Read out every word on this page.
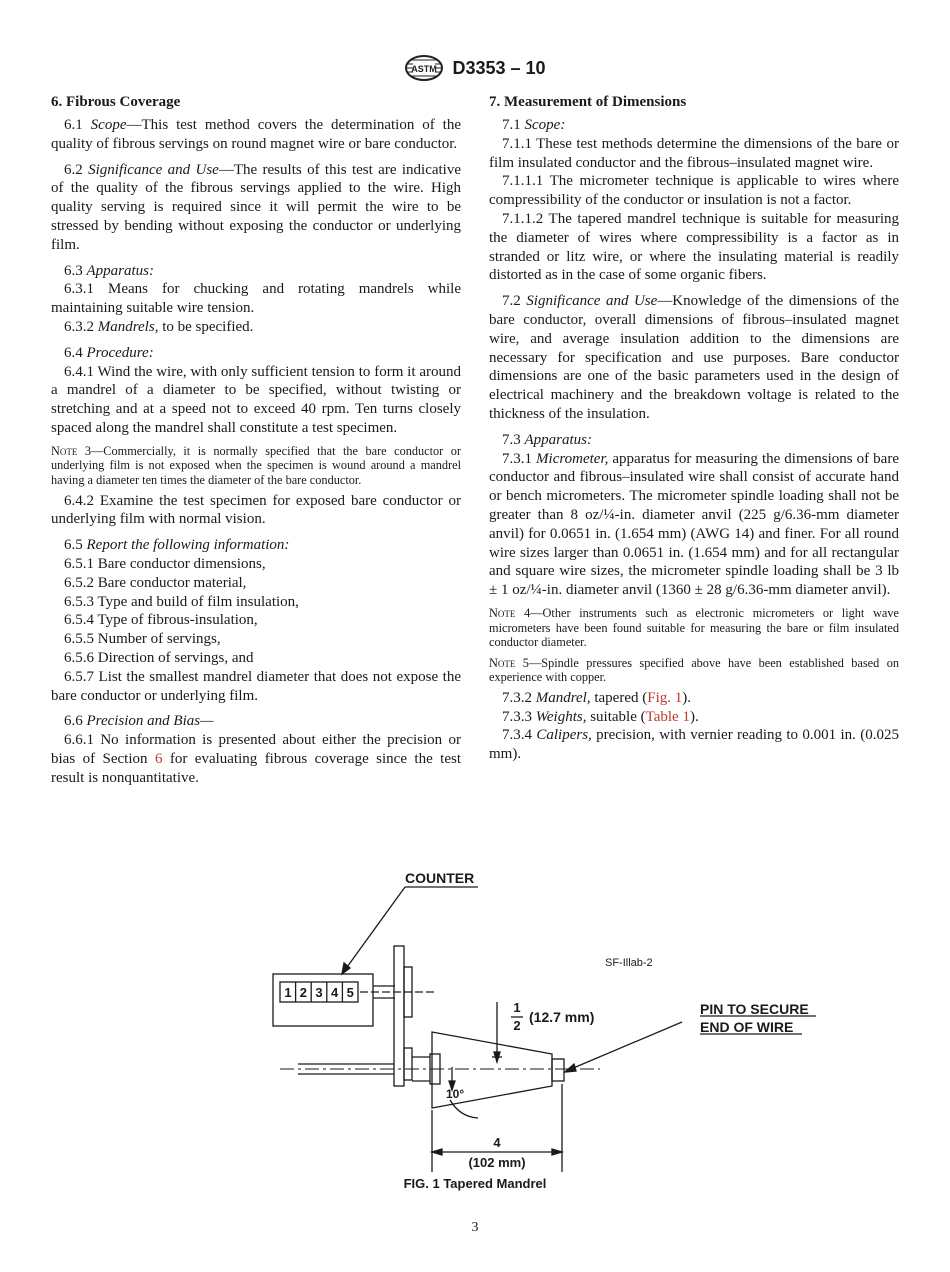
ASTM D3353 – 10
6. Fibrous Coverage

6.1 Scope—This test method covers the determination of the quality of fibrous servings on round magnet wire or bare conductor.

6.2 Significance and Use—The results of this test are indicative of the quality of the fibrous servings applied to the wire. High quality serving is required since it will permit the wire to be stressed by bending without exposing the conductor or underlying film.

6.3 Apparatus:

6.3.1 Means for chucking and rotating mandrels while maintaining suitable wire tension.

6.3.2 Mandrels, to be specified.

6.4 Procedure:

6.4.1 Wind the wire, with only sufficient tension to form it around a mandrel of a diameter to be specified, without twisting or stretching and at a speed not to exceed 40 rpm. Ten turns closely spaced along the mandrel shall constitute a test specimen.

Note 3—Commercially, it is normally specified that the bare conductor or underlying film is not exposed when the specimen is wound around a mandrel having a diameter ten times the diameter of the bare conductor.

6.4.2 Examine the test specimen for exposed bare conductor or underlying film with normal vision.

6.5 Report the following information:

6.5.1 Bare conductor dimensions,

6.5.2 Bare conductor material,

6.5.3 Type and build of film insulation,

6.5.4 Type of fibrous-insulation,

6.5.5 Number of servings,

6.5.6 Direction of servings, and

6.5.7 List the smallest mandrel diameter that does not expose the bare conductor or underlying film.

6.6 Precision and Bias—

6.6.1 No information is presented about either the precision or bias of Section 6 for evaluating fibrous coverage since the test result is nonquantitative.

7. Measurement of Dimensions

7.1 Scope:

7.1.1 These test methods determine the dimensions of the bare or film insulated conductor and the fibrous–insulated magnet wire.

7.1.1.1 The micrometer technique is applicable to wires where compressibility of the conductor or insulation is not a factor.

7.1.1.2 The tapered mandrel technique is suitable for measuring the diameter of wires where compressibility is a factor as in stranded or litz wire, or where the insulating material is readily distorted as in the case of some organic fibers.

7.2 Significance and Use—Knowledge of the dimensions of the bare conductor, overall dimensions of fibrous–insulated magnet wire, and average insulation addition to the dimensions are necessary for specification and use purposes. Bare conductor dimensions are one of the basic parameters used in the design of electrical machinery and the breakdown voltage is related to the thickness of the insulation.

7.3 Apparatus:

7.3.1 Micrometer, apparatus for measuring the dimensions of bare conductor and fibrous–insulated wire shall consist of accurate hand or bench micrometers. The micrometer spindle loading shall not be greater than 8 oz/¼-in. diameter anvil (225 g/6.36-mm diameter anvil) for 0.0651 in. (1.654 mm) (AWG 14) and finer. For all round wire sizes larger than 0.0651 in. (1.654 mm) and for all rectangular and square wire sizes, the micrometer spindle loading shall be 3 lb ± 1 oz/¼-in. diameter anvil (1360 ± 28 g/6.36-mm diameter anvil).

Note 4—Other instruments such as electronic micrometers or light wave micrometers have been found suitable for measuring the bare or film insulated conductor diameter.

Note 5—Spindle pressures specified above have been established based on experience with copper.

7.3.2 Mandrel, tapered (Fig. 1).

7.3.3 Weights, suitable (Table 1).

7.3.4 Calipers, precision, with vernier reading to 0.001 in. (0.025 mm).

COUNTER
1 2 3 4 5
SF-Illab-2
1
2
(12.7 mm)	PIN TO SECURE
END OF WIRE
10°
4
(102 mm)
FIG. 1 Tapered Mandrel
3
